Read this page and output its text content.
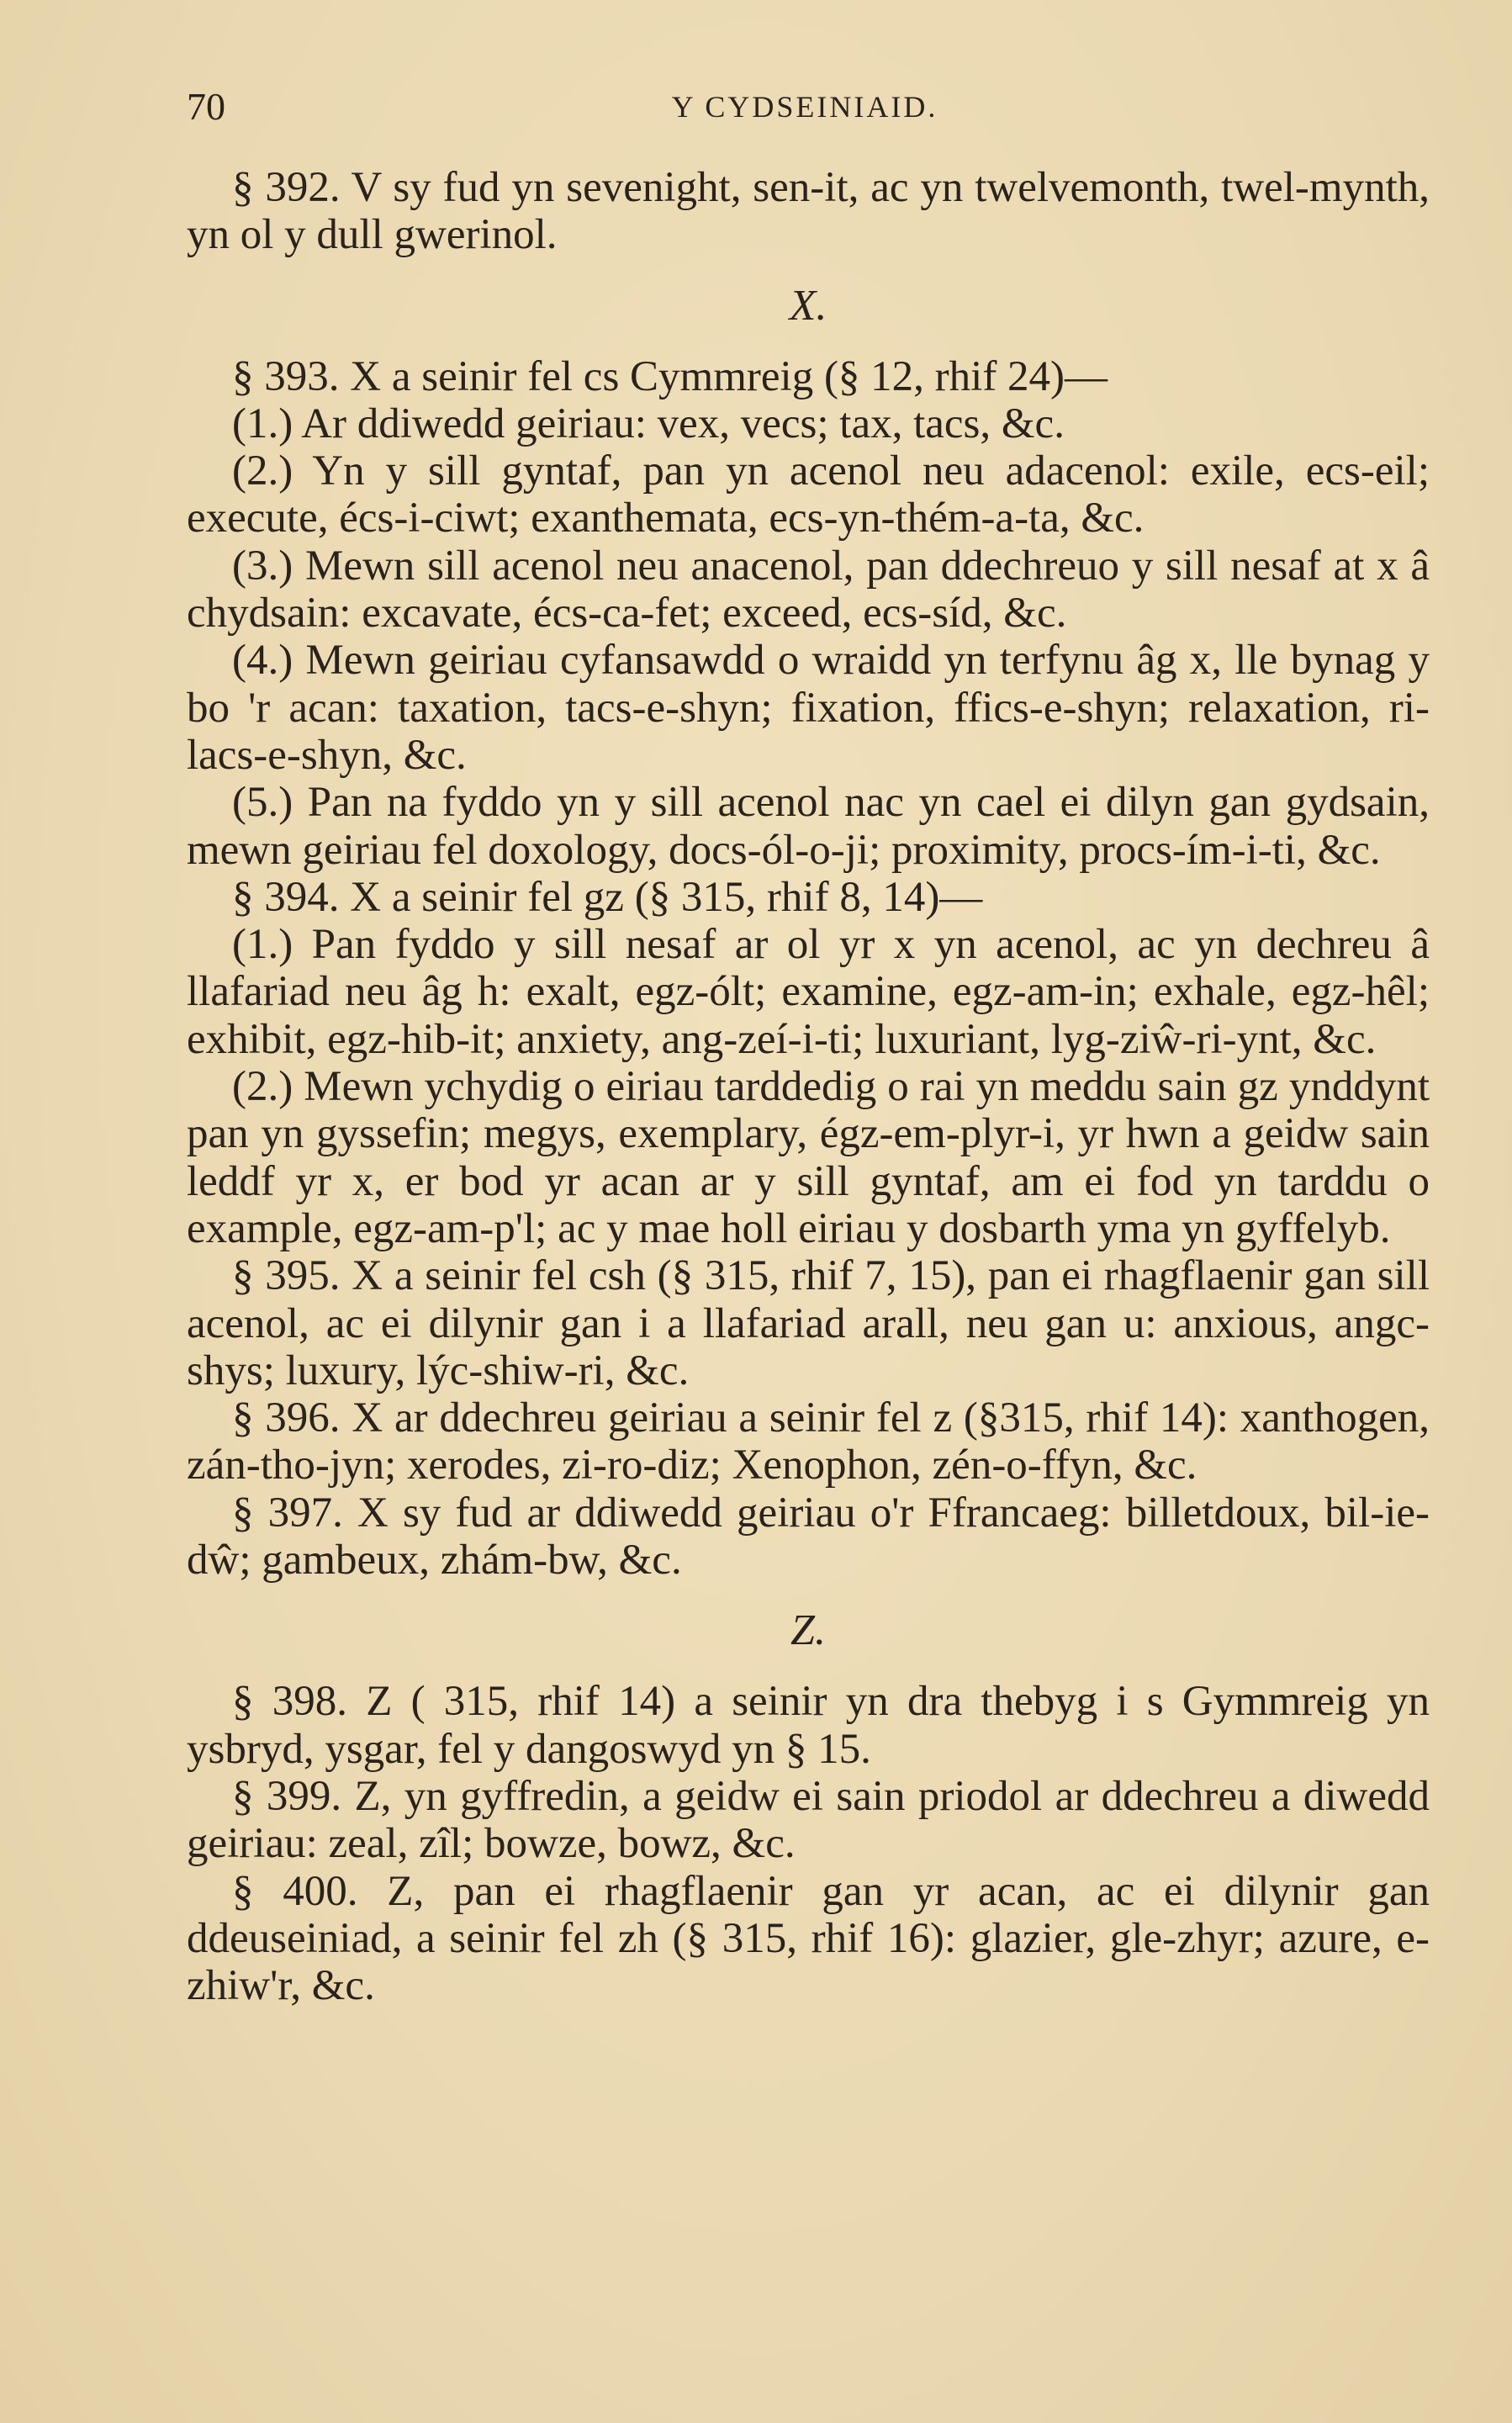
70	Y CYDSEINIAID.

§ 392. V sy fud yn sevenight, sen-it, ac yn twelvemonth, twel-mynth, yn ol y dull gwerinol.

X.

§ 393. X a seinir fel cs Cymmreig (§ 12, rhif 24)—

(1.) Ar ddiwedd geiriau: vex, vecs; tax, tacs, &c.

(2.) Yn y sill gyntaf, pan yn acenol neu adacenol: exile, ecs-eil; execute, écs-i-ciwt; exanthemata, ecs-yn-thém-a-ta, &c.

(3.) Mewn sill acenol neu anacenol, pan ddechreuo y sill nesaf at x â chydsain: excavate, écs-ca-fet; exceed, ecs-síd, &c.

(4.) Mewn geiriau cyfansawdd o wraidd yn terfynu âg x, lle bynag y bo 'r acan: taxation, tacs-e-shyn; fixation, ffics-e-shyn; relaxation, ri-lacs-e-shyn, &c.

(5.) Pan na fyddo yn y sill acenol nac yn cael ei dilyn gan gydsain, mewn geiriau fel doxology, docs-ól-o-ji; proximity, procs-ím-i-ti, &c.

§ 394. X a seinir fel gz (§ 315, rhif 8, 14)—

(1.) Pan fyddo y sill nesaf ar ol yr x yn acenol, ac yn dechreu â llafariad neu âg h: exalt, egz-ólt; examine, egz-am-in; exhale, egz-hêl; exhibit, egz-hib-it; anxiety, ang-zeí-i-ti; luxuriant, lyg-ziŵ-ri-ynt, &c.

(2.) Mewn ychydig o eiriau tarddedig o rai yn meddu sain gz ynddynt pan yn gyssefin; megys, exemplary, égz-em-plyr-i, yr hwn a geidw sain leddf yr x, er bod yr acan ar y sill gyntaf, am ei fod yn tarddu o example, egz-am-p'l; ac y mae holl eiriau y dosbarth yma yn gyffelyb.

§ 395. X a seinir fel csh (§ 315, rhif 7, 15), pan ei rhagflaenir gan sill acenol, ac ei dilynir gan i a llafariad arall, neu gan u: anxious, angc-shys; luxury, lýc-shiw-ri, &c.

§ 396. X ar ddechreu geiriau a seinir fel z (§315, rhif 14): xanthogen, zán-tho-jyn; xerodes, zi-ro-diz; Xenophon, zén-o-ffyn, &c.

§ 397. X sy fud ar ddiwedd geiriau o'r Ffrancaeg: billetdoux, bil-ie-dŵ; gambeux, zhám-bw, &c.

Z.

§ 398. Z ( 315, rhif 14) a seinir yn dra thebyg i s Gymmreig yn ysbryd, ysgar, fel y dangoswyd yn § 15.

§ 399. Z, yn gyffredin, a geidw ei sain priodol ar ddechreu a diwedd geiriau: zeal, zîl; bowze, bowz, &c.

§ 400. Z, pan ei rhagflaenir gan yr acan, ac ei dilynir gan ddeuseiniad, a seinir fel zh (§ 315, rhif 16): glazier, gle-zhyr; azure, e-zhiw'r, &c.
